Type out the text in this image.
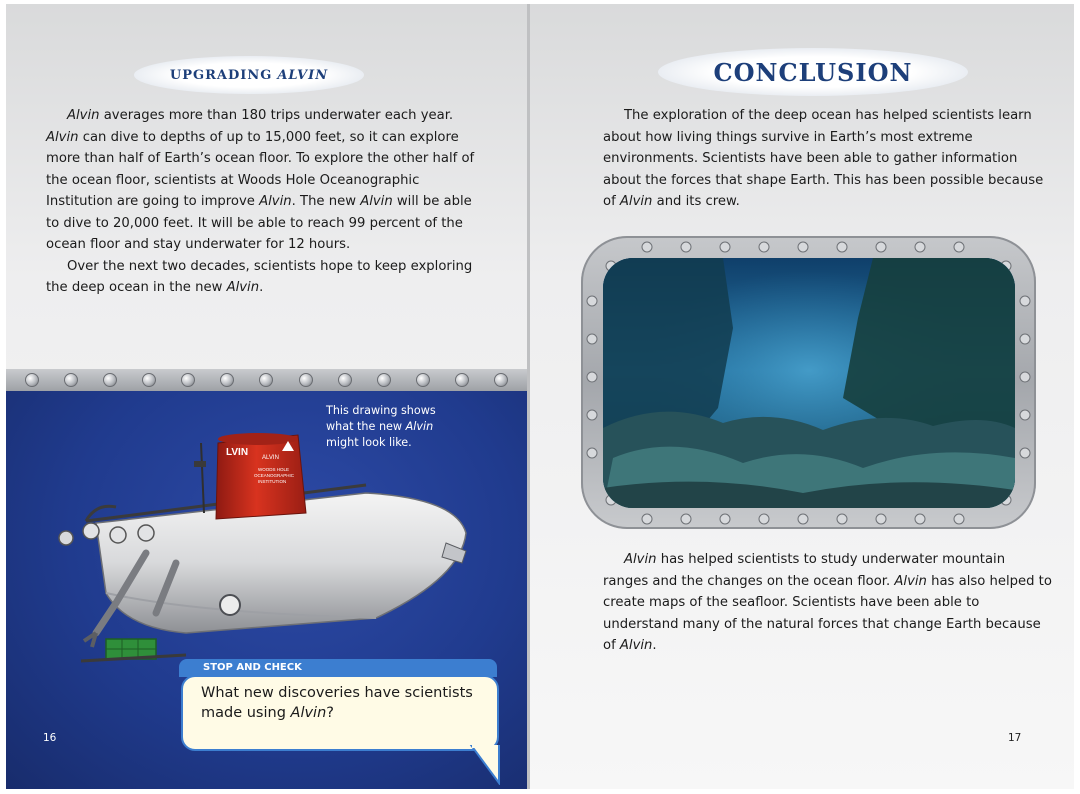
UPGRADING ALVIN

Alvin averages more than 180 trips underwater each year. Alvin can dive to depths of up to 15,000 feet, so it can explore more than half of Earth’s ocean floor. To explore the other half of the ocean floor, scientists at Woods Hole Oceanographic Institution are going to improve Alvin. The new Alvin will be able to dive to 20,000 feet. It will be able to reach 99 percent of the ocean floor and stay underwater for 12 hours.

Over the next two decades, scientists hope to keep exploring the deep ocean in the new Alvin.

LVIN ALVIN
WOODS HOLE
OCEANOGRAPHIC
INSTITUTION
This drawing shows what the new Alvin might look like.
STOP AND CHECK
What new discoveries have scientists made using Alvin?
16
CONCLUSION

The exploration of the deep ocean has helped scientists learn about how living things survive in Earth’s most extreme environments. Scientists have been able to gather information about the forces that shape Earth. This has been possible because of Alvin and its crew.

Alvin has helped scientists to study underwater mountain ranges and the changes on the ocean floor. Alvin has also helped to create maps of the seafloor. Scientists have been able to understand many of the natural forces that change Earth because of Alvin.

17
